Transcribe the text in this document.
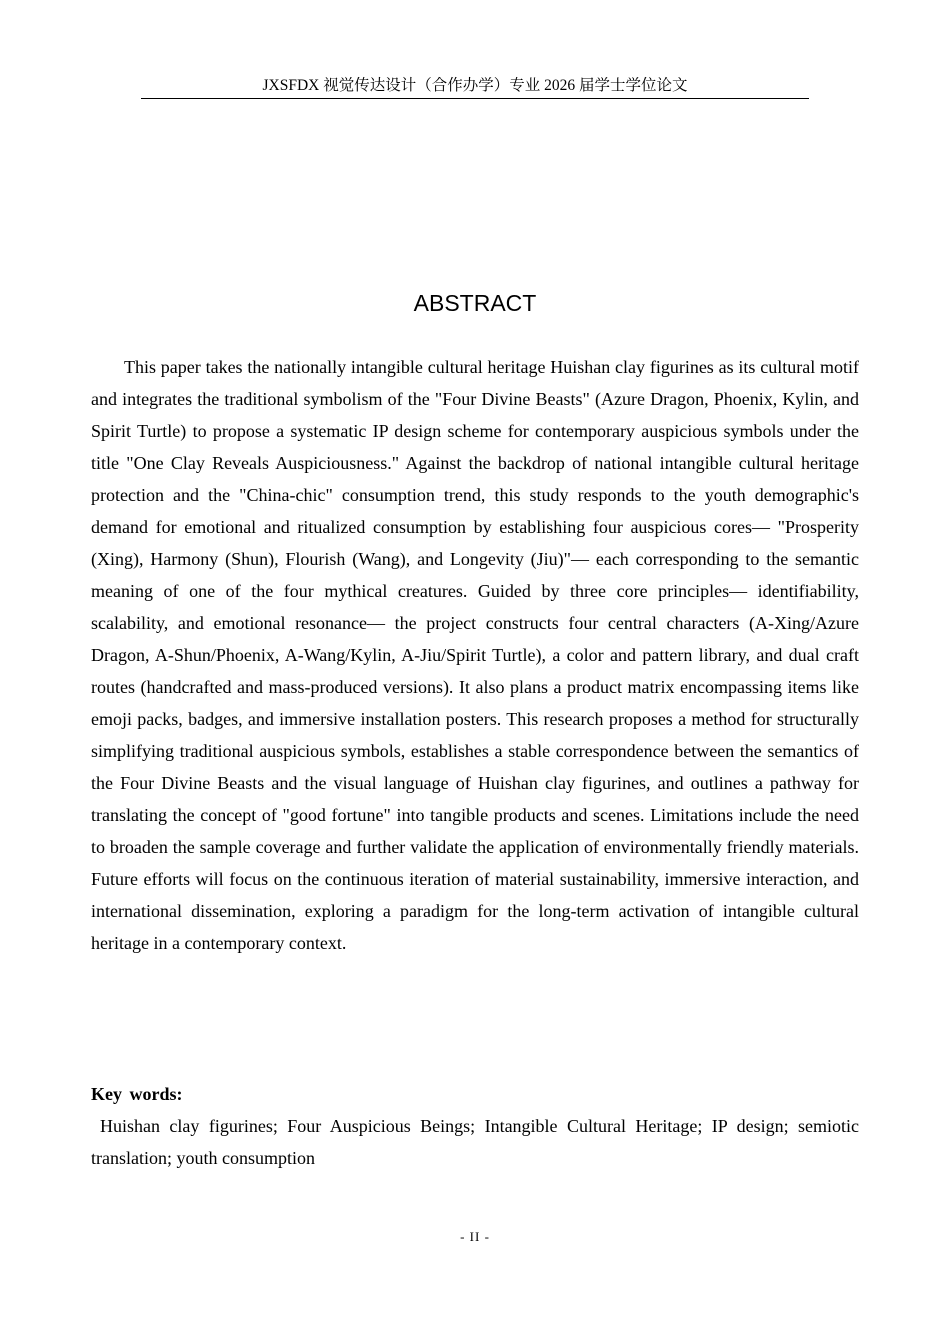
JXSFDX 视觉传达设计（合作办学）专业 2026 届学士学位论文
ABSTRACT

This paper takes the nationally intangible cultural heritage Huishan clay figurines as its cultural motif and integrates the traditional symbolism of the "Four Divine Beasts" (Azure Dragon, Phoenix, Kylin, and Spirit Turtle) to propose a systematic IP design scheme for contemporary auspicious symbols under the title "One Clay Reveals Auspiciousness." Against the backdrop of national intangible cultural heritage protection and the "China-chic" consumption trend, this study responds to the youth demographic's demand for emotional and ritualized consumption by establishing four auspicious cores— "Prosperity (Xing), Harmony (Shun), Flourish (Wang), and Longevity (Jiu)"— each corresponding to the semantic meaning of one of the four mythical creatures. Guided by three core principles— identifiability, scalability, and emotional resonance— the project constructs four central characters (A-Xing/Azure Dragon, A-Shun/Phoenix, A-Wang/Kylin, A-Jiu/Spirit Turtle), a color and pattern library, and dual craft routes (handcrafted and mass-produced versions). It also plans a product matrix encompassing items like emoji packs, badges, and immersive installation posters. This research proposes a method for structurally simplifying traditional auspicious symbols, establishes a stable correspondence between the semantics of the Four Divine Beasts and the visual language of Huishan clay figurines, and outlines a pathway for translating the concept of "good fortune" into tangible products and scenes. Limitations include the need to broaden the sample coverage and further validate the application of environmentally friendly materials. Future efforts will focus on the continuous iteration of material sustainability, immersive interaction, and international dissemination, exploring a paradigm for the long-term activation of intangible cultural heritage in a contemporary context.

Key words:

Huishan clay figurines; Four Auspicious Beings; Intangible Cultural Heritage; IP design; semiotic translation; youth consumption

- II -
